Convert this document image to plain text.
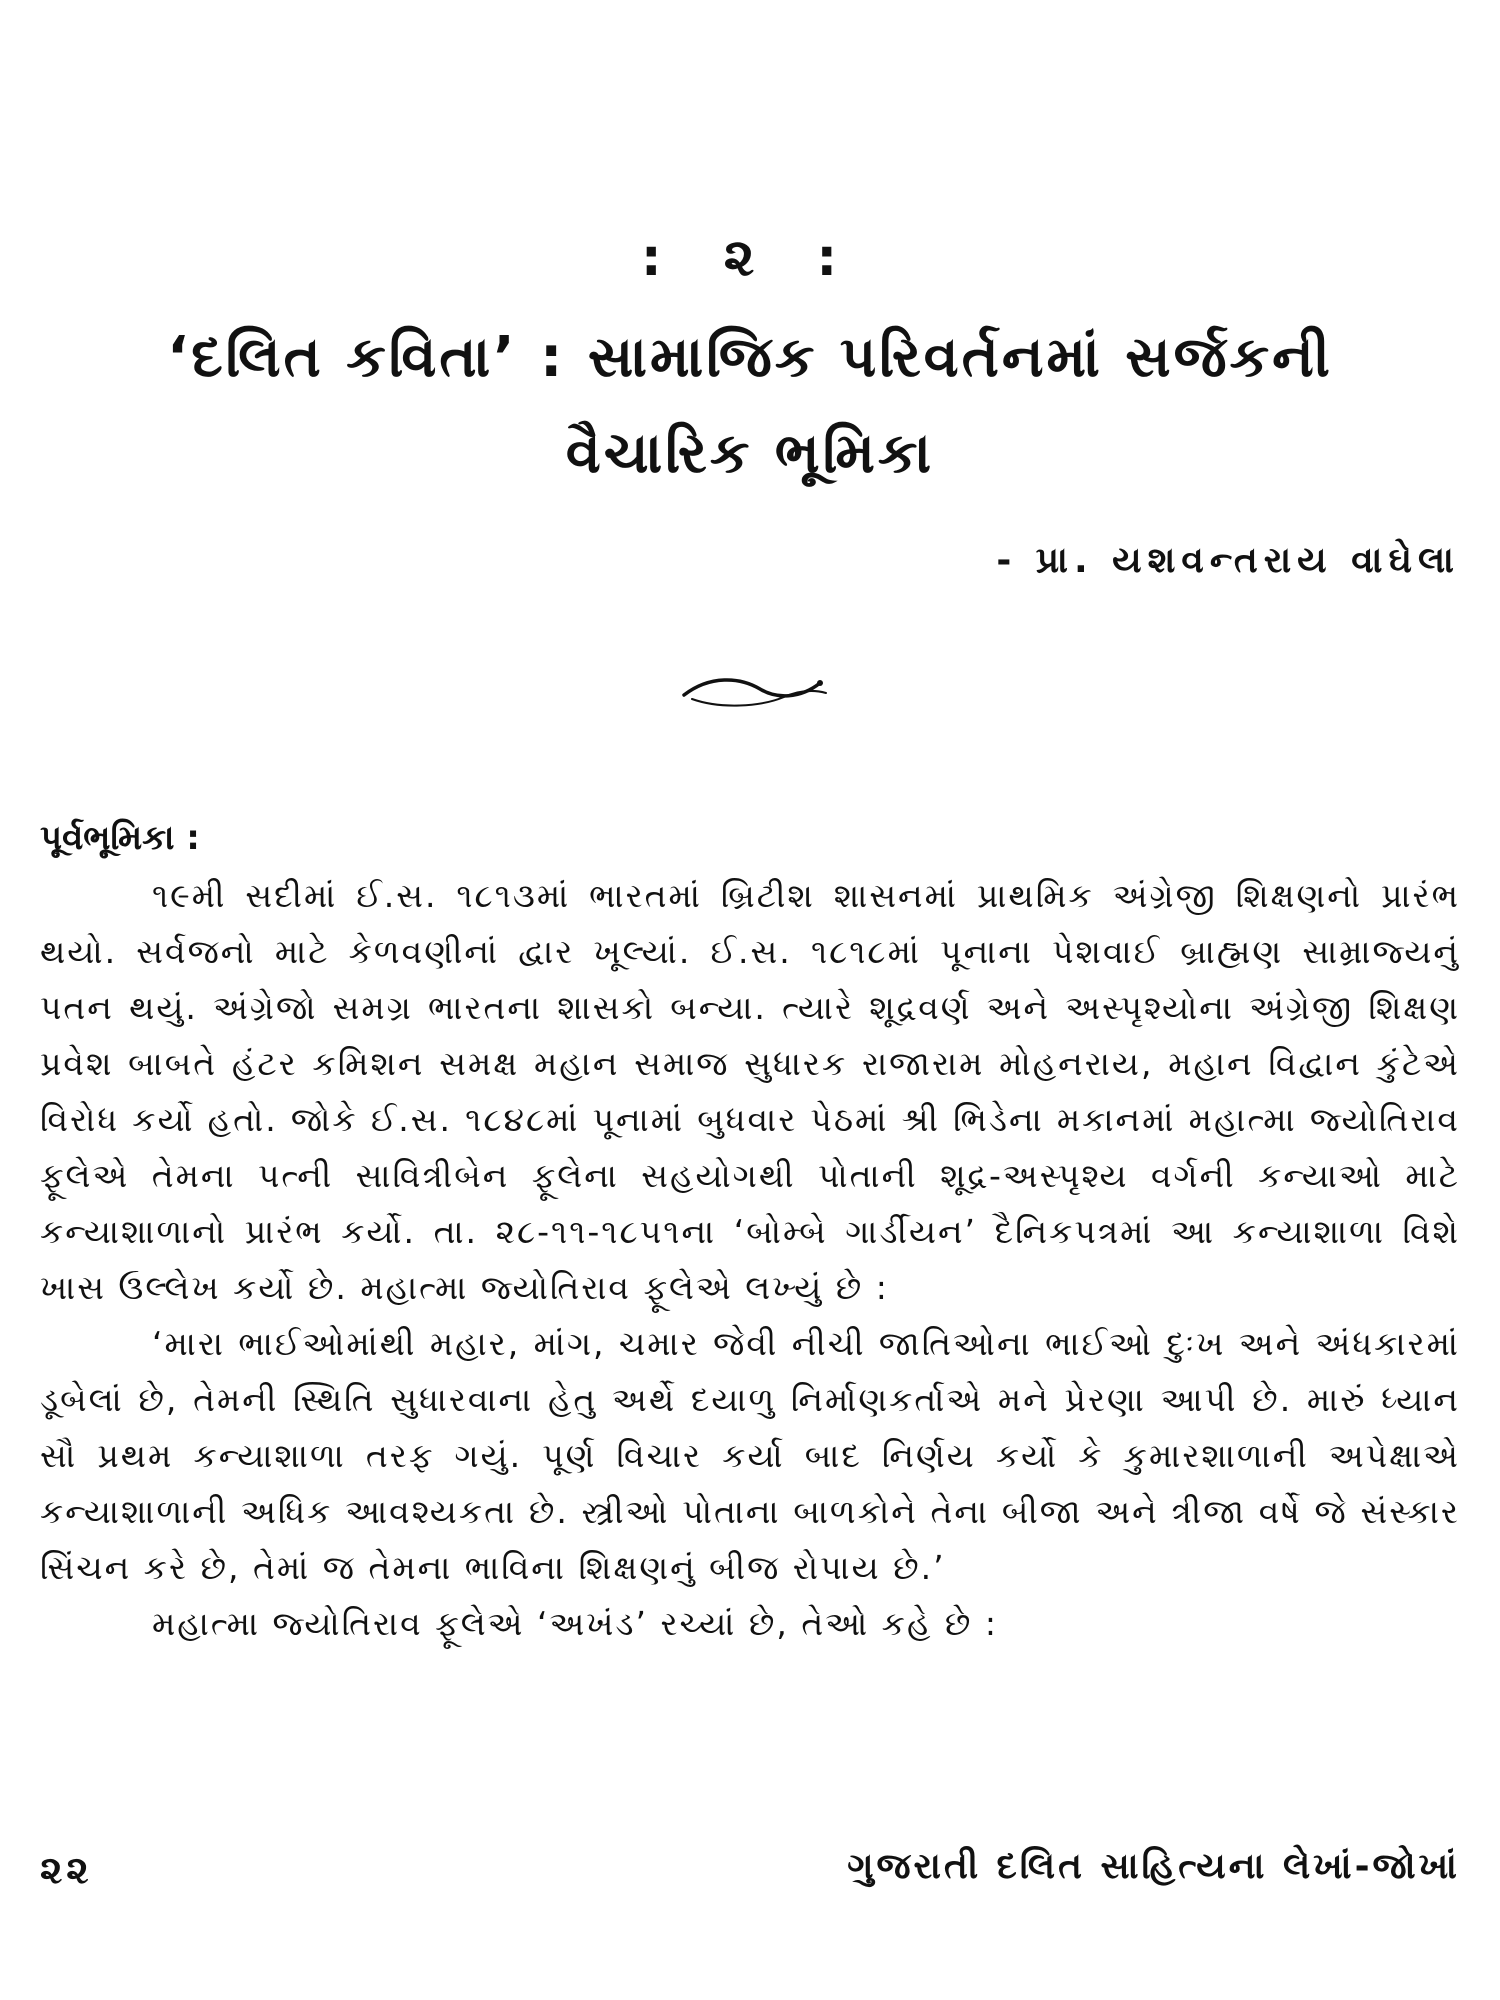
: ૨ :
‘દલિત કવિતા’ : સામાજિક પરિવર્તનમાં સર્જકની
વૈચારિક ભૂમિકા
- પ્રા. યશવન્તરાય વાઘેલા
પૂર્વભૂમિકા :

૧૯મી સદીમાં ઈ.સ. ૧૮૧૩માં ભારતમાં બ્રિટીશ શાસનમાં પ્રાથમિક અંગ્રેજી શિક્ષણનો પ્રારંભ થયો. સર્વજનો માટે કેળવણીનાં દ્વાર ખૂલ્યાં. ઈ.સ. ૧૮૧૮માં પૂનાના પેશવાઈ બ્રાહ્મણ સામ્રાજ્યનું પતન થયું. અંગ્રેજો સમગ્ર ભારતના શાસકો બન્યા. ત્યારે શૂદ્રવર્ણ અને અસ્પૃશ્યોના અંગ્રેજી શિક્ષણ પ્રવેશ બાબતે હંટર કમિશન સમક્ષ મહાન સમાજ સુધારક રાજારામ મોહનરાય, મહાન વિદ્વાન કુંટેએ વિરોધ કર્યો હતો. જોકે ઈ.સ. ૧૮૪૮માં પૂનામાં બુધવાર પેઠમાં શ્રી ભિડેના મકાનમાં મહાત્મા જ્યોતિરાવ ફૂલેએ તેમના પત્ની સાવિત્રીબેન ફૂલેના સહયોગથી પોતાની શૂદ્ર-અસ્પૃશ્ય વર્ગની કન્યાઓ માટે કન્યાશાળાનો પ્રારંભ કર્યો. તા. ૨૮-૧૧-૧૮૫૧ના ‘બોમ્બે ગાર્ડીયન’ દૈનિકપત્રમાં આ કન્યાશાળા વિશે ખાસ ઉલ્લેખ કર્યો છે. મહાત્મા જ્યોતિરાવ ફૂલેએ લખ્યું છે :

‘મારા ભાઈઓમાંથી મહાર, માંગ, ચમાર જેવી નીચી જાતિઓના ભાઈઓ દુઃખ અને અંધકારમાં ડૂબેલાં છે, તેમની સ્થિતિ સુધારવાના હેતુ અર્થે દયાળુ નિર્માણકર્તાએ મને પ્રેરણા આપી છે. મારું ધ્યાન સૌ પ્રથમ કન્યાશાળા તરફ ગયું. પૂર્ણ વિચાર કર્યા બાદ નિર્ણય કર્યો કે કુમારશાળાની અપેક્ષાએ કન્યાશાળાની અધિક આવશ્યકતા છે. સ્ત્રીઓ પોતાના બાળકોને તેના બીજા અને ત્રીજા વર્ષે જે સંસ્કાર સિંચન કરે છે, તેમાં જ તેમના ભાવિના શિક્ષણનું બીજ રોપાય છે.’

મહાત્મા જ્યોતિરાવ ફૂલેએ ‘અખંડ’ રચ્યાં છે, તેઓ કહે છે :

૨૨	ગુજરાતી દલિત સાહિત્યના લેખાં-જોખાં
